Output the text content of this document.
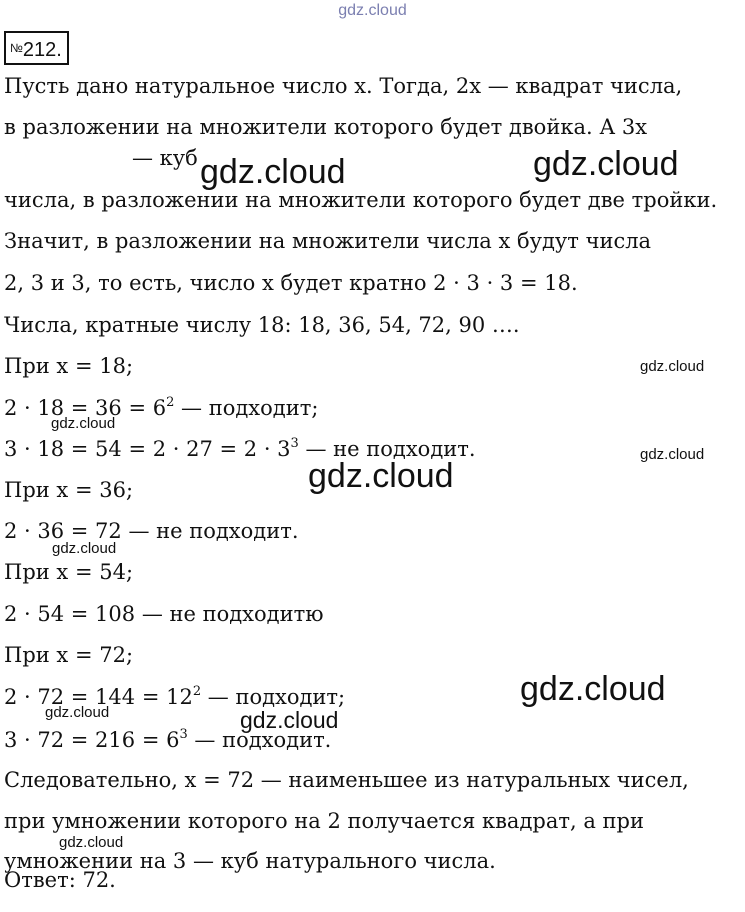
gdz.cloud
№212.
Пусть дано натуральное число x. Тогда, 2x — квадрат числа,
в разложении на множители которого будет двойка. А 3x
— куб
числа, в разложении на множители которого будет две тройки.
Значит, в разложении на множители числа x будут числа
2, 3 и 3, то есть, число x будет кратно 2 · 3 · 3 = 18.
Числа, кратные числу 18: 18, 36, 54, 72, 90 ….
При x = 18;
$2 \cdot 18 = 36 = 6^2$ — подходит;
$3 \cdot 18 = 54 = 2 \cdot 27 = 2 \cdot 3^3$ — не подходит.
При x = 36;
2 · 36 = 72 — не подходит.
При x = 54;
2 · 54 = 108 — не подходитю
При x = 72;
$2 \cdot 72 = 144 = 12^2$ — подходит;
$3 \cdot 72 = 216 = 6^3$ — подходит.
Следовательно, x = 72 — наименьшее из натуральных чисел,
при умножении которого на 2 получается квадрат, а при
умножении на 3 — куб натурального числа.
Ответ: 72.
gdz.cloud	gdz.cloud
gdz.cloud
gdz.cloud
gdz.cloud
gdz.cloud
gdz.cloud
gdz.cloud
gdz.cloud	gdz.cloud
gdz.cloud
